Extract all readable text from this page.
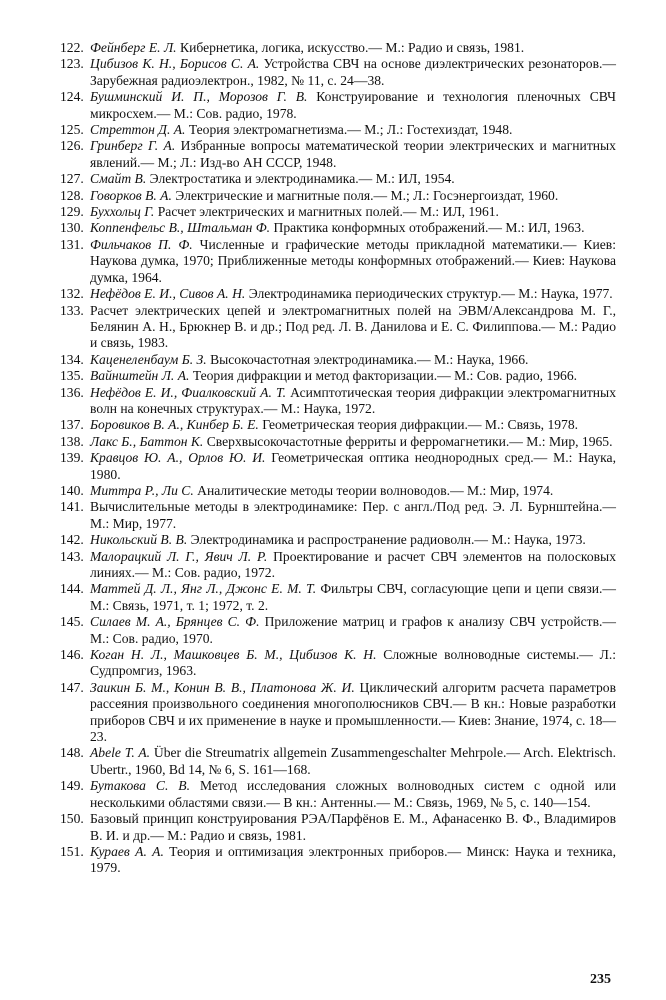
122. Фейнберг Е. Л. Кибернетика, логика, искусство.— М.: Радио и связь, 1981.
123. Цибизов К. Н., Борисов С. А. Устройства СВЧ на основе диэлектрических резонаторов.— Зарубежная радиоэлектрон., 1982, № 11, с. 24—38.
124. Бушминский И. П., Морозов Г. В. Конструирование и технология пленочных СВЧ микросхем.— М.: Сов. радио, 1978.
125. Стреттон Д. А. Теория электромагнетизма.— М.; Л.: Гостехиздат, 1948.
126. Гринберг Г. А. Избранные вопросы математической теории электрических и магнитных явлений.— М.; Л.: Изд-во АН СССР, 1948.
127. Смайт В. Электростатика и электродинамика.— М.: ИЛ, 1954.
128. Говорков В. А. Электрические и магнитные поля.— М.; Л.: Госэнергоиздат, 1960.
129. Буххольц Г. Расчет электрических и магнитных полей.— М.: ИЛ, 1961.
130. Коппенфельс В., Штальман Ф. Практика конформных отображений.— М.: ИЛ, 1963.
131. Фильчаков П. Ф. Численные и графические методы прикладной математики.— Киев: Наукова думка, 1970; Приближенные методы конформных отображений.— Киев: Наукова думка, 1964.
132. Нефёдов Е. И., Сивов А. Н. Электродинамика периодических структур.— М.: Наука, 1977.
133. Расчет электрических цепей и электромагнитных полей на ЭВМ/Александрова М. Г., Белянин А. Н., Брюкнер В. и др.; Под ред. Л. В. Данилова и Е. С. Филиппова.— М.: Радио и связь, 1983.
134. Каценеленбаум Б. З. Высокочастотная электродинамика.— М.: Наука, 1966.
135. Вайнштейн Л. А. Теория дифракции и метод факторизации.— М.: Сов. радио, 1966.
136. Нефёдов Е. И., Фиалковский А. Т. Асимптотическая теория дифракции электромагнитных волн на конечных структурах.— М.: Наука, 1972.
137. Боровиков В. А., Кинбер Б. Е. Геометрическая теория дифракции.— М.: Связь, 1978.
138. Лакс Б., Баттон К. Сверхвысокочастотные ферриты и ферромагнетики.— М.: Мир, 1965.
139. Кравцов Ю. А., Орлов Ю. И. Геометрическая оптика неоднородных сред.— М.: Наука, 1980.
140. Миттра Р., Ли С. Аналитические методы теории волноводов.— М.: Мир, 1974.
141. Вычислительные методы в электродинамике: Пер. с англ./Под ред. Э. Л. Бурнштейна.— М.: Мир, 1977.
142. Никольский В. В. Электродинамика и распространение радиоволн.— М.: Наука, 1973.
143. Малорацкий Л. Г., Явич Л. Р. Проектирование и расчет СВЧ элементов на полосковых линиях.— М.: Сов. радио, 1972.
144. Маттей Д. Л., Янг Л., Джонс Е. М. Т. Фильтры СВЧ, согласующие цепи и цепи связи.— М.: Связь, 1971, т. 1; 1972, т. 2.
145. Силаев М. А., Брянцев С. Ф. Приложение матриц и графов к анализу СВЧ устройств.— М.: Сов. радио, 1970.
146. Коган Н. Л., Машковцев Б. М., Цибизов К. Н. Сложные волноводные системы.— Л.: Судпромгиз, 1963.
147. Заикин Б. М., Конин В. В., Платонова Ж. И. Циклический алгоритм расчета параметров рассеяния произвольного соединения многополюсников СВЧ.— В кн.: Новые разработки приборов СВЧ и их применение в науке и промышленности.— Киев: Знание, 1974, с. 18—23.
148. Abele T. A. Über die Streumatrix allgemein Zusammengeschalter Mehrpole.— Arch. Elektrisch. Ubertr., 1960, Bd 14, № 6, S. 161—168.
149. Бутакова С. В. Метод исследования сложных волноводных систем с одной или несколькими областями связи.— В кн.: Антенны.— М.: Связь, 1969, № 5, с. 140—154.
150. Базовый принцип конструирования РЭА/Парфёнов Е. М., Афанасенко В. Ф., Владимиров В. И. и др.— М.: Радио и связь, 1981.
151. Кураев А. А. Теория и оптимизация электронных приборов.— Минск: Наука и техника, 1979.
235
